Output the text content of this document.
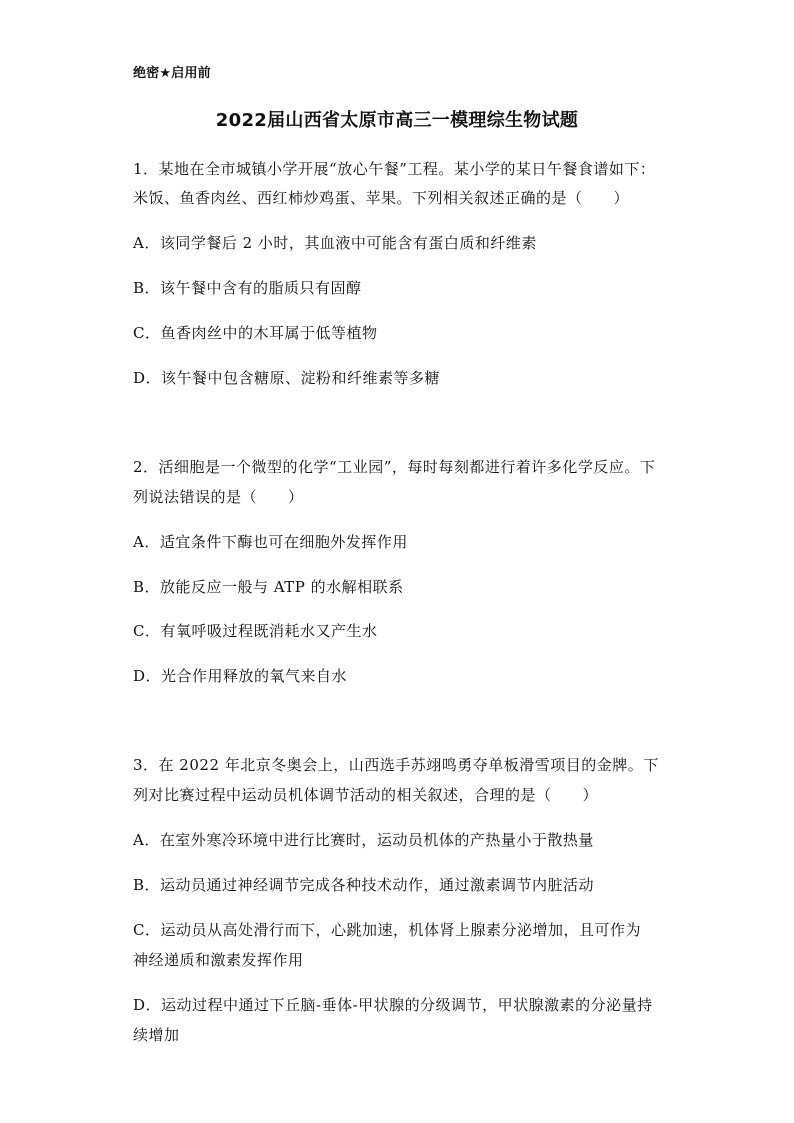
绝密★启用前
2022届山西省太原市高三一模理综生物试题
1．某地在全市城镇小学开展“放心午餐”工程。某小学的某日午餐食谱如下：
米饭、鱼香肉丝、西红柿炒鸡蛋、苹果。下列相关叙述正确的是（　　）
A．该同学餐后 2 小时，其血液中可能含有蛋白质和纤维素
B．该午餐中含有的脂质只有固醇
C．鱼香肉丝中的木耳属于低等植物
D．该午餐中包含糖原、淀粉和纤维素等多糖
2．活细胞是一个微型的化学“工业园”，每时每刻都进行着许多化学反应。下
列说法错误的是（　　）
A．适宜条件下酶也可在细胞外发挥作用
B．放能反应一般与 ATP 的水解相联系
C．有氧呼吸过程既消耗水又产生水
D．光合作用释放的氧气来自水
3．在 2022 年北京冬奥会上，山西选手苏翊鸣勇夺单板滑雪项目的金牌。下
列对比赛过程中运动员机体调节活动的相关叙述，合理的是（　　）
A．在室外寒冷环境中进行比赛时，运动员机体的产热量小于散热量
B．运动员通过神经调节完成各种技术动作，通过激素调节内脏活动
C．运动员从高处滑行而下，心跳加速，机体肾上腺素分泌增加，且可作为
神经递质和激素发挥作用
D．运动过程中通过下丘脑-垂体-甲状腺的分级调节，甲状腺激素的分泌量持
续增加
